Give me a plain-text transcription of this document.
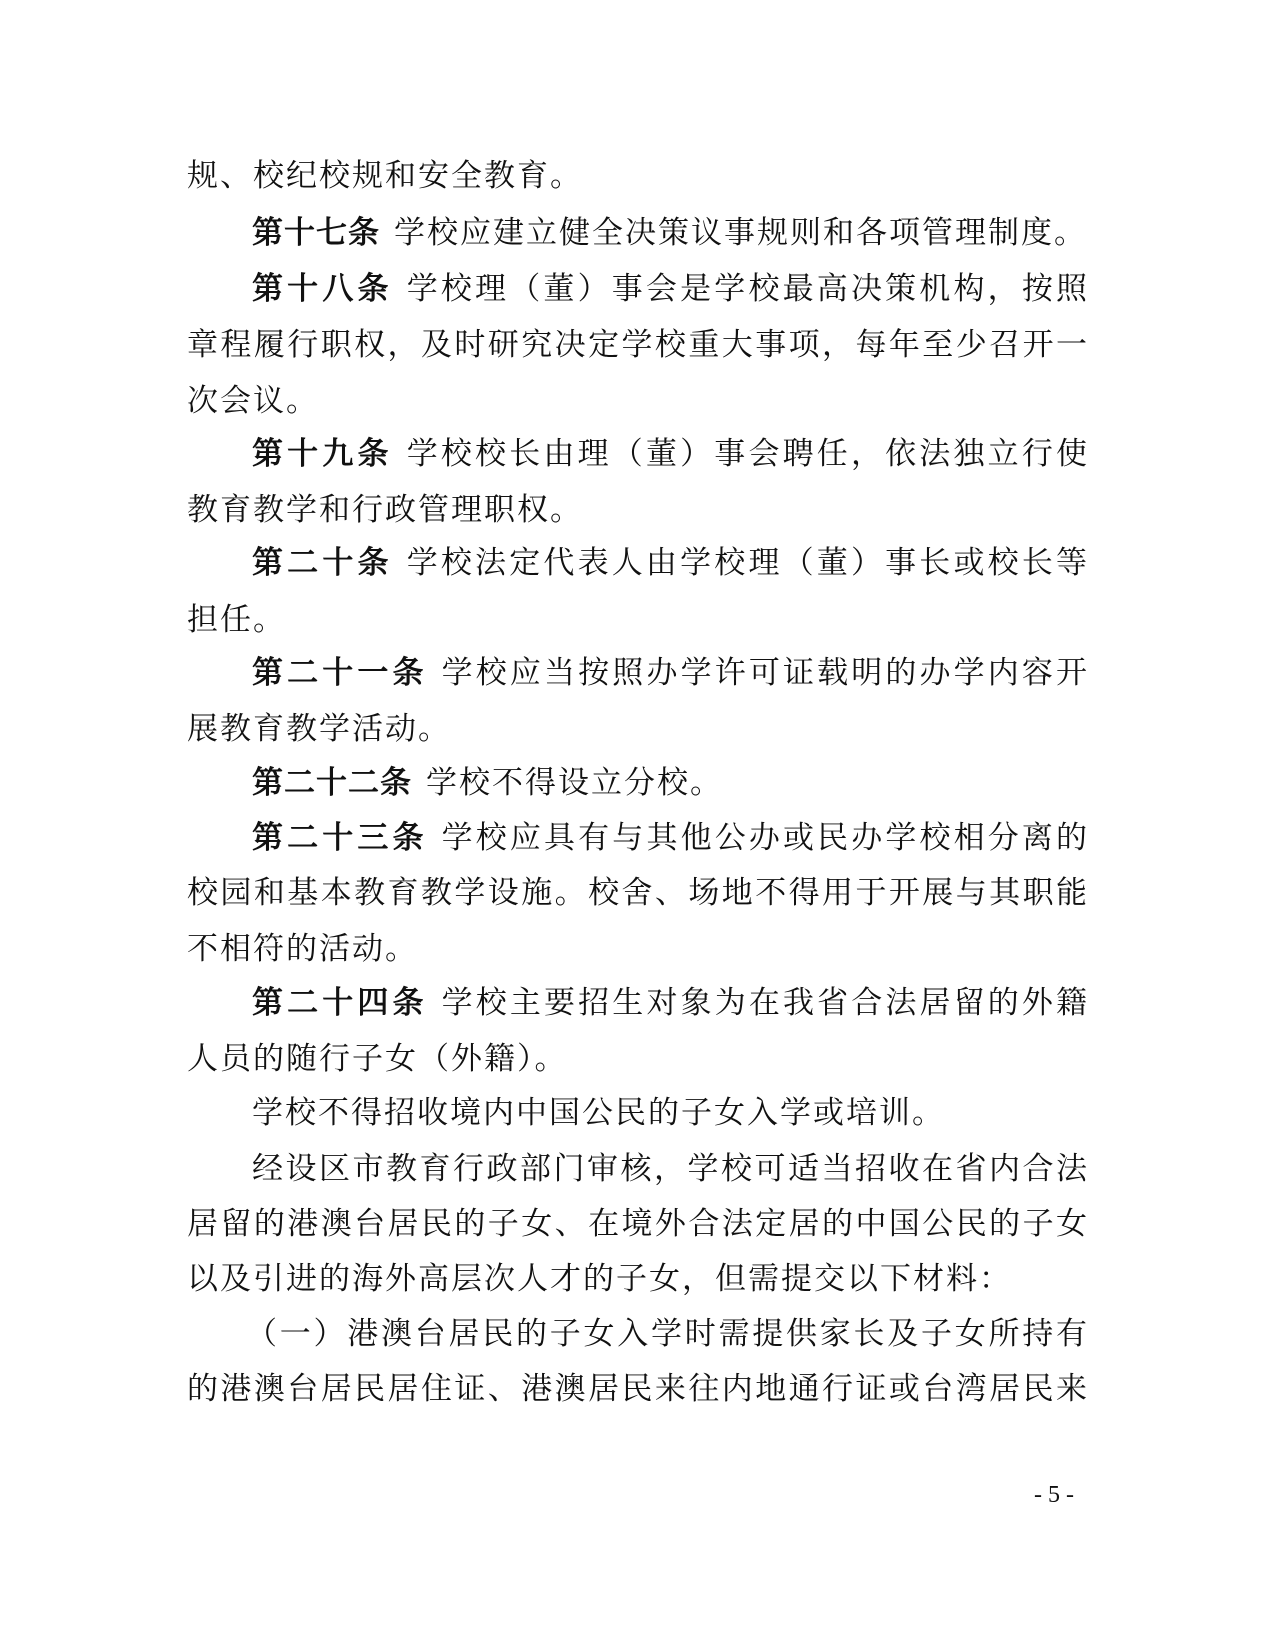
规、校纪校规和安全教育。
第十七条 学校应建立健全决策议事规则和各项管理制度。
第十八条 学校理（董）事会是学校最高决策机构，按照
章程履行职权，及时研究决定学校重大事项，每年至少召开一
次会议。
第十九条 学校校长由理（董）事会聘任，依法独立行使
教育教学和行政管理职权。
第二十条 学校法定代表人由学校理（董）事长或校长等
担任。
第二十一条 学校应当按照办学许可证载明的办学内容开
展教育教学活动。
第二十二条 学校不得设立分校。
第二十三条 学校应具有与其他公办或民办学校相分离的
校园和基本教育教学设施。校舍、场地不得用于开展与其职能
不相符的活动。
第二十四条 学校主要招生对象为在我省合法居留的外籍
人员的随行子女（外籍）。
学校不得招收境内中国公民的子女入学或培训。
经设区市教育行政部门审核，学校可适当招收在省内合法
居留的港澳台居民的子女、在境外合法定居的中国公民的子女
以及引进的海外高层次人才的子女，但需提交以下材料：
（一）港澳台居民的子女入学时需提供家长及子女所持有
的港澳台居民居住证、港澳居民来往内地通行证或台湾居民来
- 5 -
